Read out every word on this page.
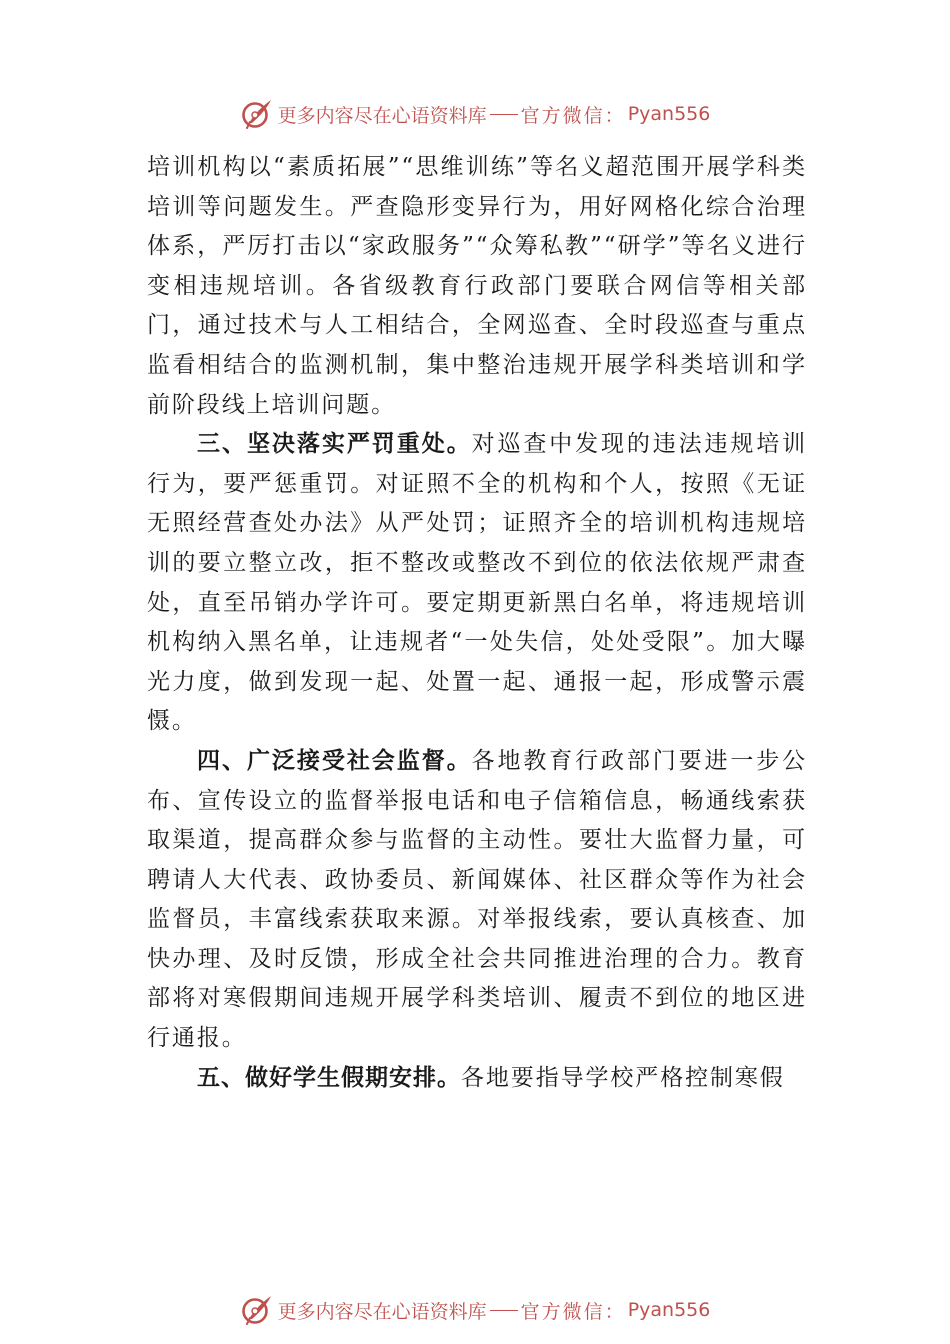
更多内容尽在心语资料库 官方微信： Pyan556

培训机构以“素质拓展”“思维训练”等名义超范围开展学科类培训等问题发生。严查隐形变异行为，用好网格化综合治理体系，严厉打击以“家政服务”“众筹私教”“研学”等名义进行变相违规培训。各省级教育行政部门要联合网信等相关部门，通过技术与人工相结合，全网巡查、全时段巡查与重点监看相结合的监测机制，集中整治违规开展学科类培训和学前阶段线上培训问题。

三、坚决落实严罚重处。对巡查中发现的违法违规培训行为，要严惩重罚。对证照不全的机构和个人，按照《无证无照经营查处办法》从严处罚；证照齐全的培训机构违规培训的要立整立改，拒不整改或整改不到位的依法依规严肃查处，直至吊销办学许可。要定期更新黑白名单，将违规培训机构纳入黑名单，让违规者“一处失信，处处受限”。加大曝光力度，做到发现一起、处置一起、通报一起，形成警示震慑。

四、广泛接受社会监督。各地教育行政部门要进一步公布、宣传设立的监督举报电话和电子信箱信息，畅通线索获取渠道，提高群众参与监督的主动性。要壮大监督力量，可聘请人大代表、政协委员、新闻媒体、社区群众等作为社会监督员，丰富线索获取来源。对举报线索，要认真核查、加快办理、及时反馈，形成全社会共同推进治理的合力。教育部将对寒假期间违规开展学科类培训、履责不到位的地区进行通报。

五、做好学生假期安排。各地要指导学校严格控制寒假

更多内容尽在心语资料库 官方微信： Pyan556
